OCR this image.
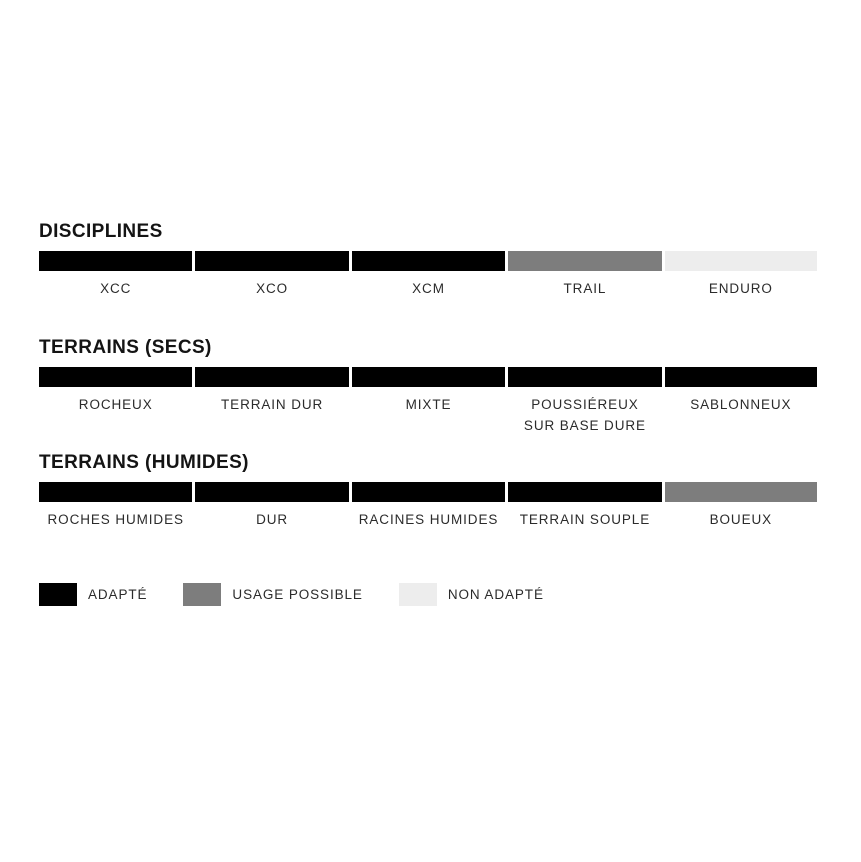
DISCIPLINES
XCC	XCO	XCM	TRAIL	ENDURO
TERRAINS (SECS)
ROCHEUX	TERRAIN DUR	MIXTE	POUSSIÉREUX
SUR BASE DURE
SABLONNEUX
TERRAINS (HUMIDES)
ROCHES HUMIDES	DUR	RACINES HUMIDES	TERRAIN SOUPLE	BOUEUX
ADAPTÉ	USAGE POSSIBLE	NON ADAPTÉ
